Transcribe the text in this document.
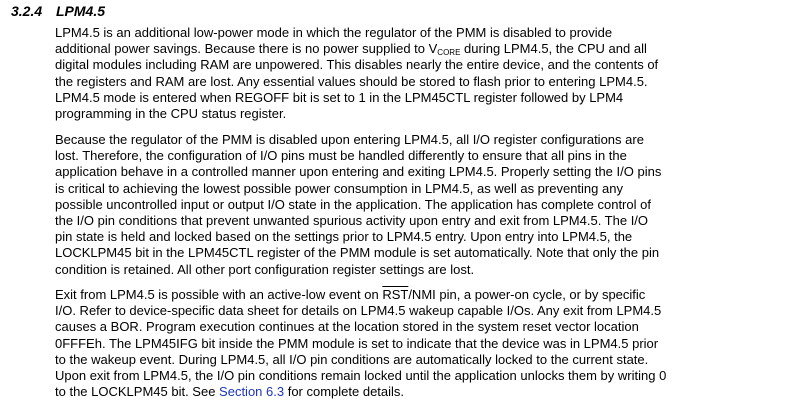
3.2.4 LPM4.5
LPM4.5 is an additional low-power mode in which the regulator of the PMM is disabled to provide
additional power savings. Because there is no power supplied to $V_{CORE}$ during LPM4.5, the CPU and all
digital modules including RAM are unpowered. This disables nearly the entire device, and the contents of
the registers and RAM are lost. Any essential values should be stored to flash prior to entering LPM4.5.
LPM4.5 mode is entered when REGOFF bit is set to 1 in the LPM45CTL register followed by LPM4
programming in the CPU status register.
Because the regulator of the PMM is disabled upon entering LPM4.5, all I/O register configurations are
lost. Therefore, the configuration of I/O pins must be handled differently to ensure that all pins in the
application behave in a controlled manner upon entering and exiting LPM4.5. Properly setting the I/O pins
is critical to achieving the lowest possible power consumption in LPM4.5, as well as preventing any
possible uncontrolled input or output I/O state in the application. The application has complete control of
the I/O pin conditions that prevent unwanted spurious activity upon entry and exit from LPM4.5. The I/O
pin state is held and locked based on the settings prior to LPM4.5 entry. Upon entry into LPM4.5, the
LOCKLPM45 bit in the LPM45CTL register of the PMM module is set automatically. Note that only the pin
condition is retained. All other port configuration register settings are lost.
Exit from LPM4.5 is possible with an active-low event on $\overline{RST}$/NMI pin, a power-on cycle, or by specific
I/O. Refer to device-specific data sheet for details on LPM4.5 wakeup capable I/Os. Any exit from LPM4.5
causes a BOR. Program execution continues at the location stored in the system reset vector location
0FFFEh. The LPM45IFG bit inside the PMM module is set to indicate that the device was in LPM4.5 prior
to the wakeup event. During LPM4.5, all I/O pin conditions are automatically locked to the current state.
Upon exit from LPM4.5, the I/O pin conditions remain locked until the application unlocks them by writing 0
to the LOCKLPM45 bit. See Section 6.3 for complete details.
